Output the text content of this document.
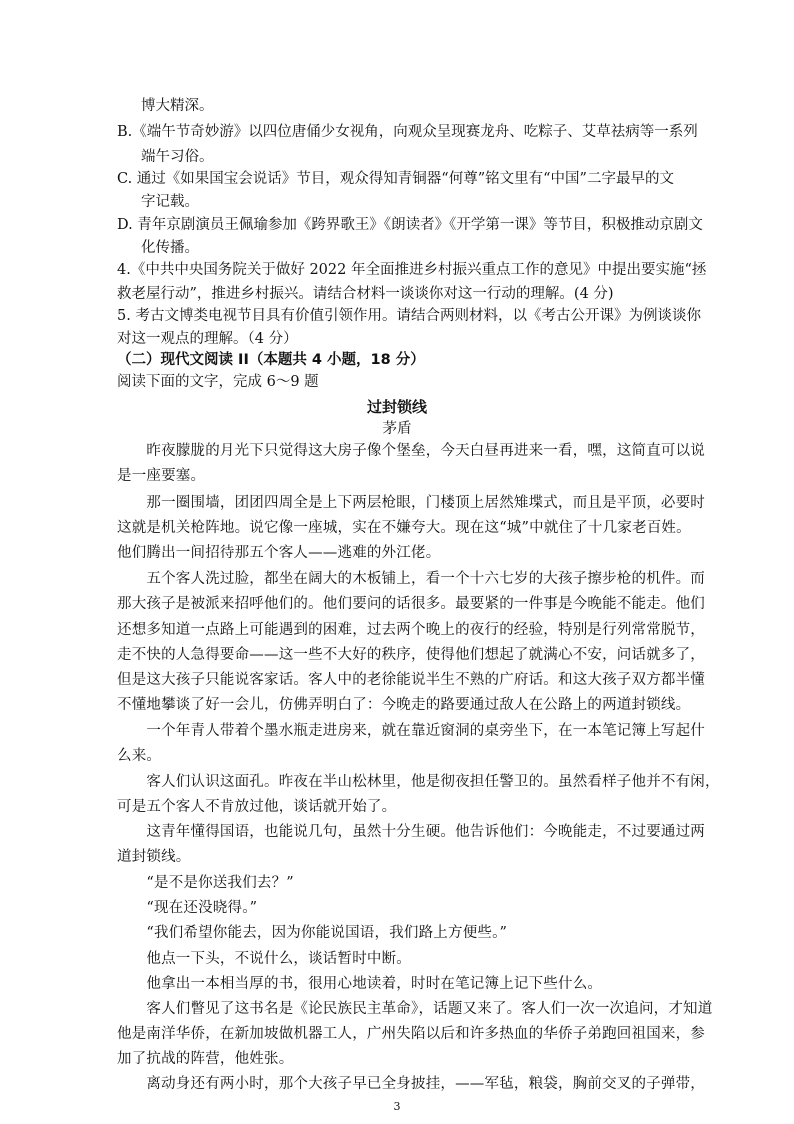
博大精深。
B.《端午节奇妙游》以四位唐俑少女视角，向观众呈现赛龙舟、吃粽子、艾草祛病等一系列
端午习俗。
C. 通过《如果国宝会说话》节目，观众得知青铜器“何尊”铭文里有“中国”二字最早的文
字记载。
D. 青年京剧演员王佩瑜参加《跨界歌王》《朗读者》《开学第一课》等节目，积极推动京剧文
化传播。
4.《中共中央国务院关于做好 2022 年全面推进乡村振兴重点工作的意见》中提出要实施“拯
救老屋行动”，推进乡村振兴。请结合材料一谈谈你对这一行动的理解。(4 分)
5. 考古文博类电视节目具有价值引领作用。请结合两则材料，以《考古公开课》为例谈谈你
对这一观点的理解。（4 分）
（二）现代文阅读 II（本题共 4 小题，18 分）
阅读下面的文字，完成 6～9 题
过封锁线
茅盾
　　昨夜朦胧的月光下只觉得这大房子像个堡垒，今天白昼再进来一看，嘿，这简直可以说
是一座要塞。
　　那一圈围墙，团团四周全是上下两层枪眼，门楼顶上居然雉堞式，而且是平顶，必要时
这就是机关枪阵地。说它像一座城，实在不嫌夸大。现在这“城”中就住了十几家老百姓。
他们腾出一间招待那五个客人——逃难的外江佬。
　　五个客人洗过脸，都坐在阔大的木板铺上，看一个十六七岁的大孩子擦步枪的机件。而
那大孩子是被派来招呼他们的。他们要问的话很多。最要紧的一件事是今晚能不能走。他们
还想多知道一点路上可能遇到的困难，过去两个晚上的夜行的经验，特别是行列常常脱节，
走不快的人急得要命——这一些不大好的秩序，使得他们想起了就满心不安，问话就多了，
但是这大孩子只能说客家话。客人中的老徐能说半生不熟的广府话。和这大孩子双方都半懂
不懂地攀谈了好一会儿，仿佛弄明白了：今晚走的路要通过敌人在公路上的两道封锁线。
　　一个年青人带着个墨水瓶走进房来，就在靠近窗洞的桌旁坐下，在一本笔记簿上写起什
么来。
　　客人们认识这面孔。昨夜在半山松林里，他是彻夜担任警卫的。虽然看样子他并不有闲，
可是五个客人不肯放过他，谈话就开始了。
　　这青年懂得国语，也能说几句，虽然十分生硬。他告诉他们：今晚能走，不过要通过两
道封锁线。
　　“是不是你送我们去？”
　　“现在还没晓得。”
　　“我们希望你能去，因为你能说国语，我们路上方便些。”
　　他点一下头，不说什么，谈话暂时中断。
　　他拿出一本相当厚的书，很用心地读着，时时在笔记簿上记下些什么。
　　客人们瞥见了这书名是《论民族民主革命》，话题又来了。客人们一次一次追问，才知道
他是南洋华侨，在新加坡做机器工人，广州失陷以后和许多热血的华侨子弟跑回祖国来，参
加了抗战的阵营，他姓张。
　　离动身还有两小时，那个大孩子早已全身披挂，——军毡，粮袋，胸前交叉的子弹带，
3
